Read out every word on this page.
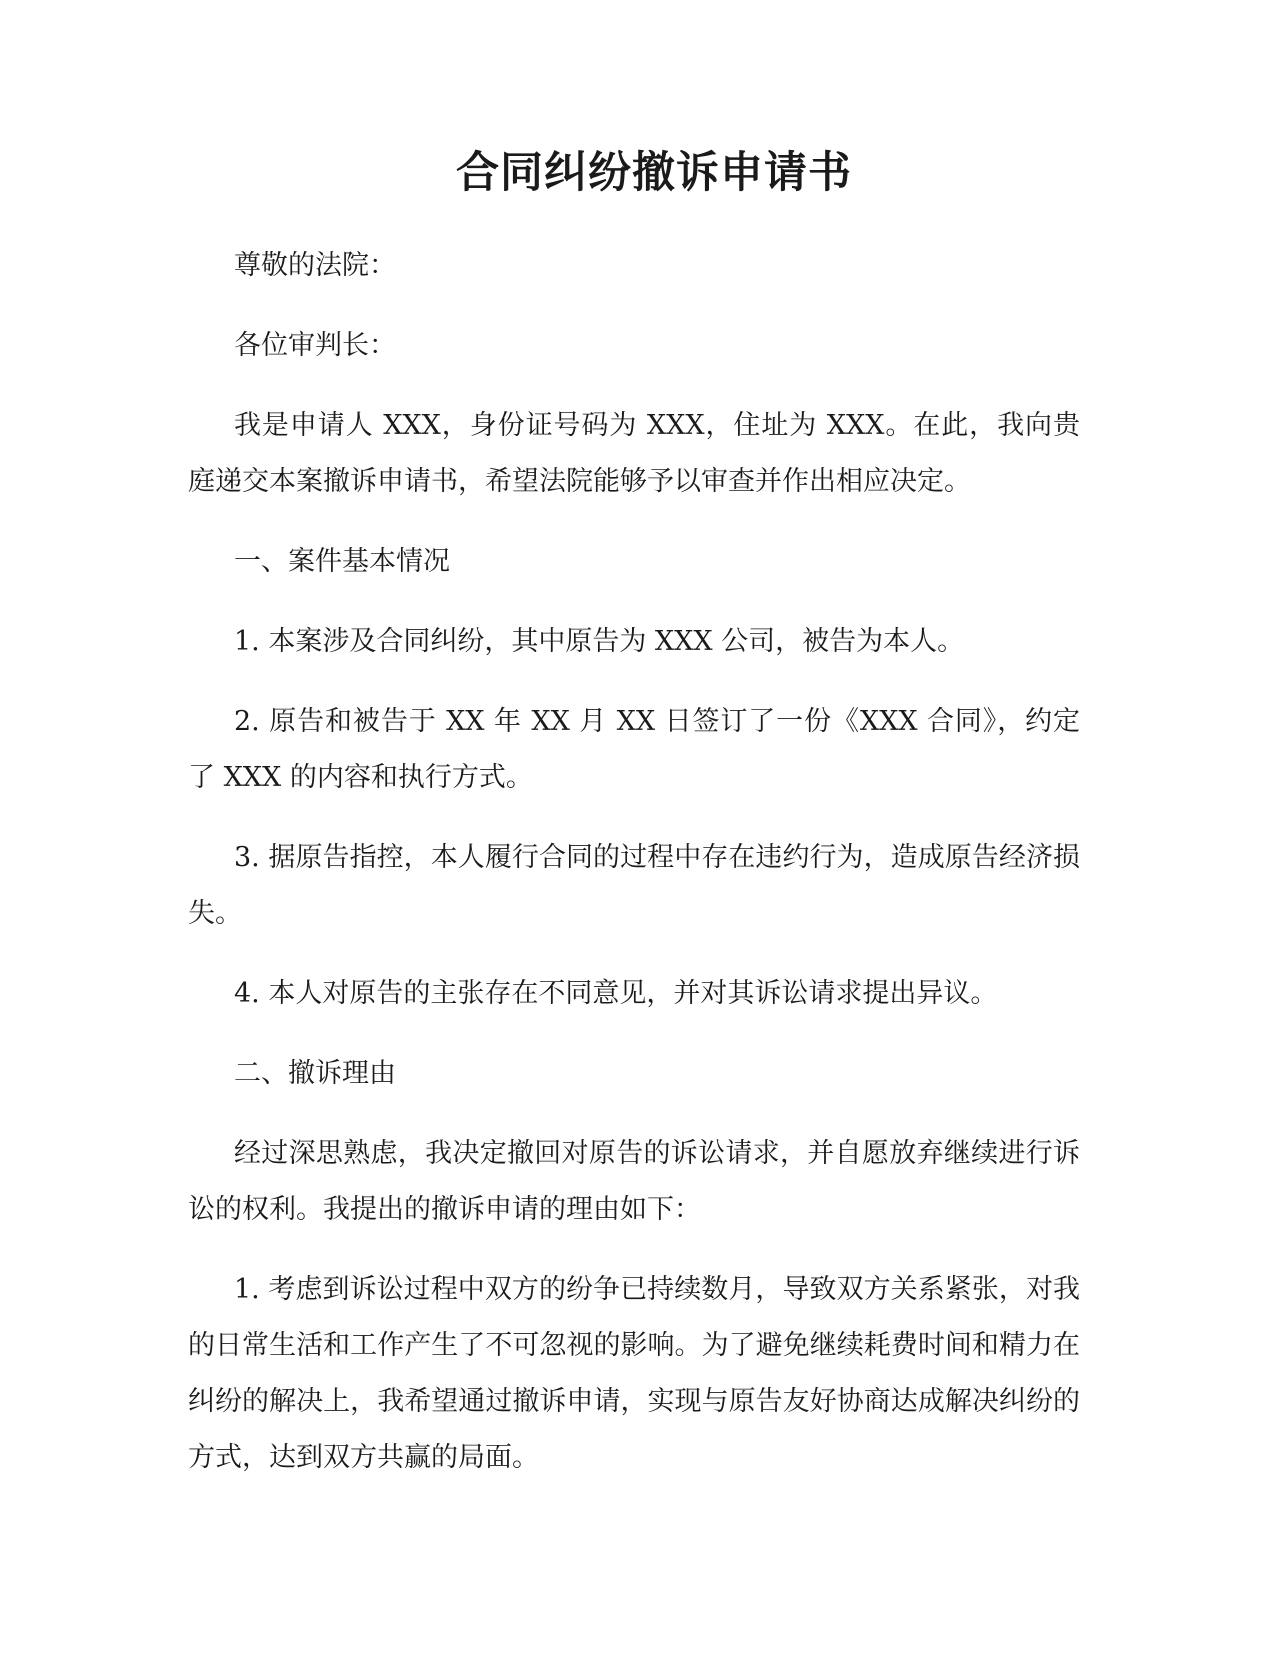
合同纠纷撤诉申请书

尊敬的法院：

各位审判长：

我是申请人 XXX，身份证号码为 XXX，住址为 XXX。在此，我向贵庭递交本案撤诉申请书，希望法院能够予以审查并作出相应决定。

一、案件基本情况

1. 本案涉及合同纠纷，其中原告为 XXX 公司，被告为本人。

2. 原告和被告于 XX 年 XX 月 XX 日签订了一份《XXX 合同》，约定了 XXX 的内容和执行方式。

3. 据原告指控，本人履行合同的过程中存在违约行为，造成原告经济损失。

4. 本人对原告的主张存在不同意见，并对其诉讼请求提出异议。

二、撤诉理由

经过深思熟虑，我决定撤回对原告的诉讼请求，并自愿放弃继续进行诉讼的权利。我提出的撤诉申请的理由如下：

1. 考虑到诉讼过程中双方的纷争已持续数月，导致双方关系紧张，对我的日常生活和工作产生了不可忽视的影响。为了避免继续耗费时间和精力在纠纷的解决上，我希望通过撤诉申请，实现与原告友好协商达成解决纠纷的方式，达到双方共赢的局面。
